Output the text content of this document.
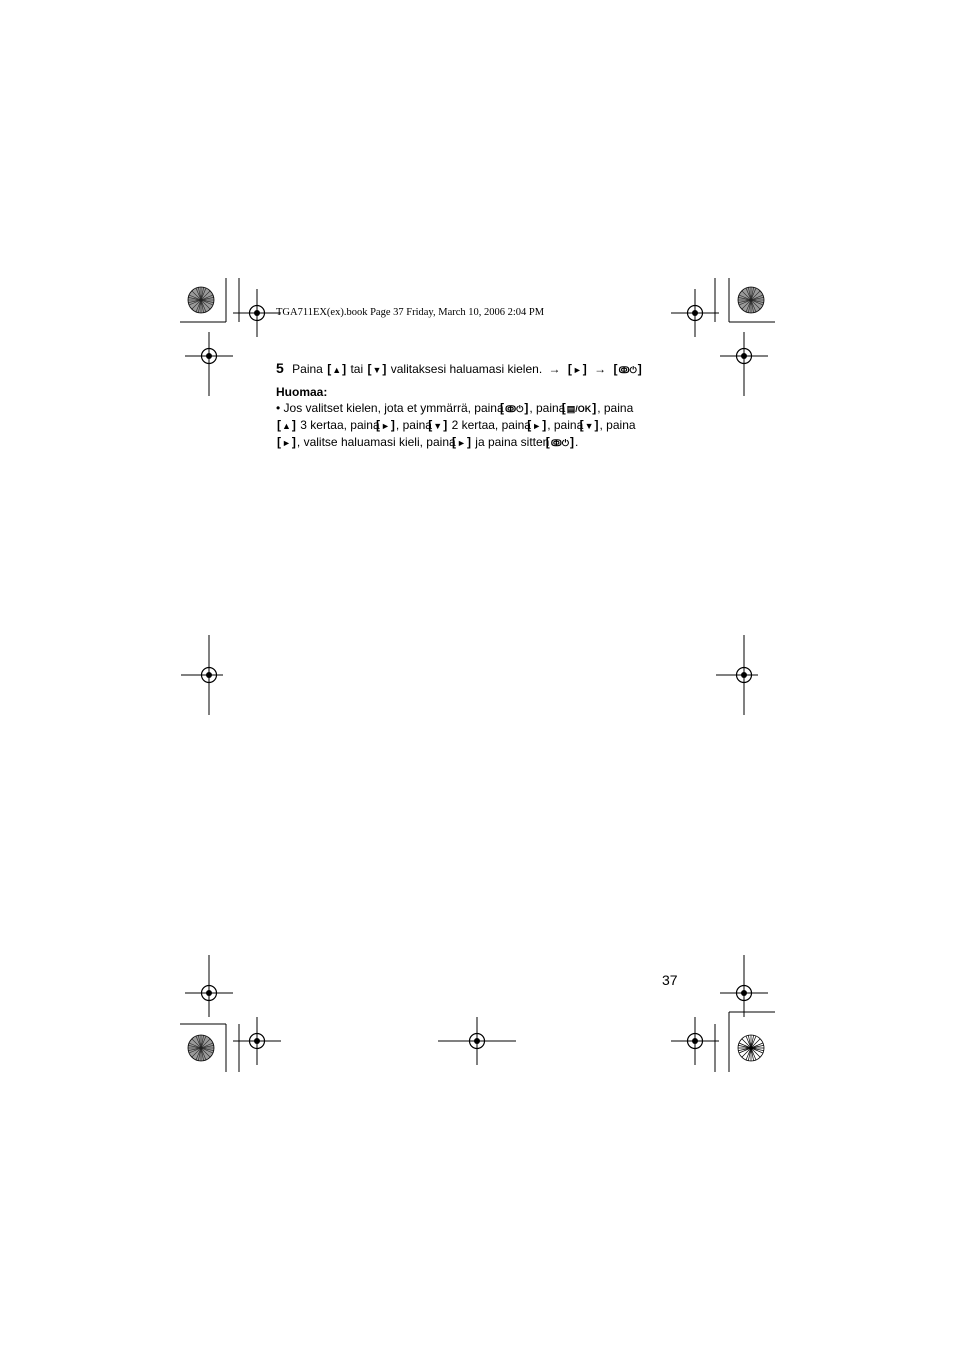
TGA711EX(ex).book Page 37 Friday, March 10, 2006 2:04 PM
5 Paina [ ▲ ] tai [ ▼ ] valitaksesi haluamasi kielen. → [ ► ] → [ ↂ⏻ ]
Huomaa:
• Jos valitset kielen, jota et ymmärrä, paina [ ↂ⏻ ] , paina [ ▤/OK ] , paina
[ ▲ ] 3 kertaa, paina [ ► ] , paina [ ▼ ] 2 kertaa, paina [ ► ] , paina [ ▼ ] , paina
[ ► ] , valitse haluamasi kieli, paina [ ► ] ja paina sitten [ ↂ⏻ ] .
37
